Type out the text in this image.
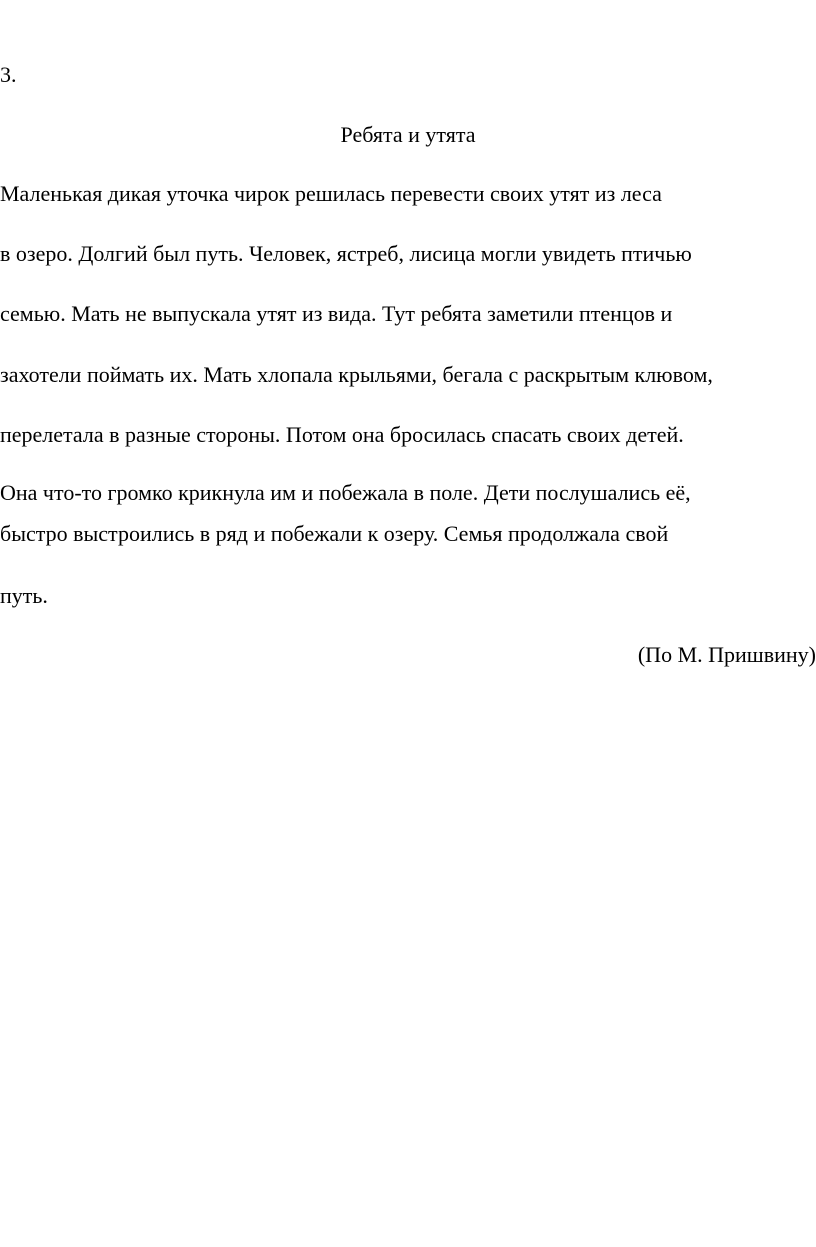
3.
Ребята и утята
Маленькая дикая уточка чирок решилась перевести своих утят из леса
в озеро. Долгий был путь. Человек, ястреб, лисица могли увидеть птичью
семью. Мать не выпускала утят из вида. Тут ребята заметили птенцов и
захотели поймать их. Мать хлопала крыльями, бегала с раскрытым клювом,
перелетала в разные стороны. Потом она бросилась спасать своих детей.
Она что-то громко крикнула им и побежала в поле. Дети послушались её,
быстро выстроились в ряд и побежали к озеру. Семья продолжала свой
путь.
(По М. Пришвину)
